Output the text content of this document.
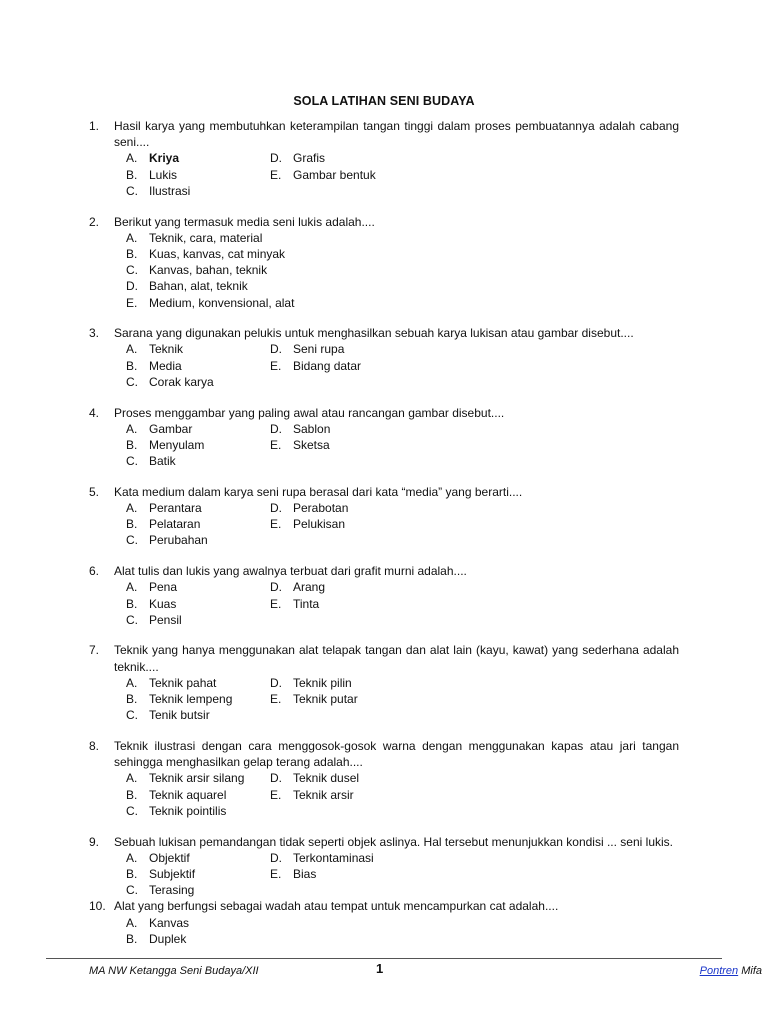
SOLA LATIHAN SENI BUDAYA
1. Hasil karya yang membutuhkan keterampilan tangan tinggi dalam proses pembuatannya adalah cabang seni....
A. Kriya	D. Grafis
B. Lukis	E. Gambar bentuk
C. Ilustrasi
2. Berikut yang termasuk media seni lukis adalah....
A. Teknik, cara, material
B. Kuas, kanvas, cat minyak
C. Kanvas, bahan, teknik
D. Bahan, alat, teknik
E. Medium, konvensional, alat
3. Sarana yang digunakan pelukis untuk menghasilkan sebuah karya lukisan atau gambar disebut....
A. Teknik	D. Seni rupa
B. Media	E. Bidang datar
C. Corak karya
4. Proses menggambar yang paling awal atau rancangan gambar disebut....
A. Gambar	D. Sablon
B. Menyulam	E. Sketsa
C. Batik
5. Kata medium dalam karya seni rupa berasal dari kata “media” yang berarti....
A. Perantara	D. Perabotan
B. Pelataran	E. Pelukisan
C. Perubahan
6. Alat tulis dan lukis yang awalnya terbuat dari grafit murni adalah....
A. Pena	D. Arang
B. Kuas	E. Tinta
C. Pensil
7. Teknik yang hanya menggunakan alat telapak tangan dan alat lain (kayu, kawat) yang sederhana adalah teknik....
A. Teknik pahat	D. Teknik pilin
B. Teknik lempeng	E. Teknik putar
C. Tenik butsir
8. Teknik ilustrasi dengan cara menggosok-gosok warna dengan menggunakan kapas atau jari tangan sehingga menghasilkan gelap terang adalah....
A. Teknik arsir silang	D. Teknik dusel
B. Teknik aquarel	E. Teknik arsir
C. Teknik pointilis
9. Sebuah lukisan pemandangan tidak seperti objek aslinya. Hal tersebut menunjukkan kondisi ... seni lukis.
A. Objektif	D. Terkontaminasi
B. Subjektif	E. Bias
C. Terasing
10. Alat yang berfungsi sebagai wadah atau tempat untuk mencampurkan cat adalah....
A. Kanvas
B. Duplek
MA NW Ketangga Seni Budaya/XII	1	Pontren Mifa
